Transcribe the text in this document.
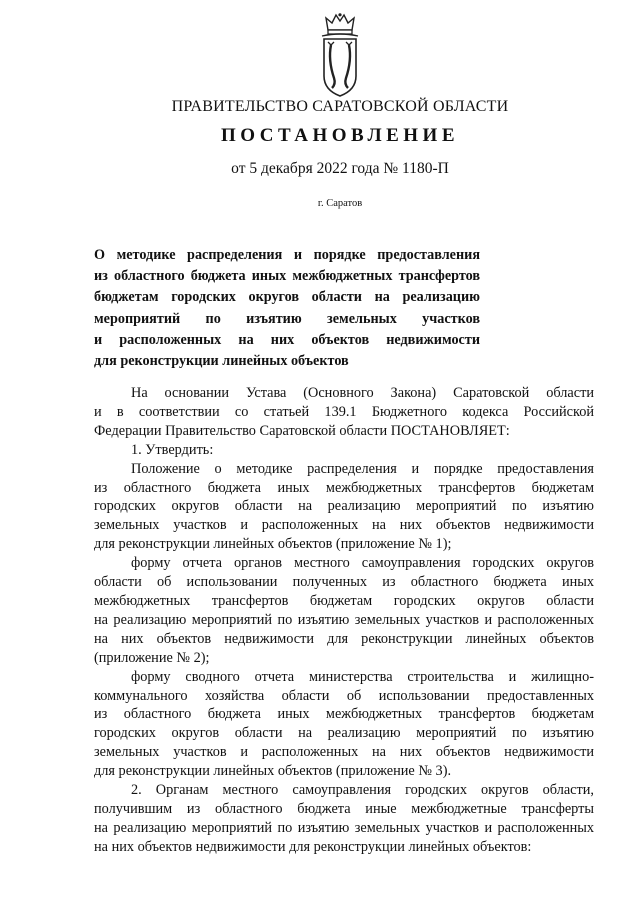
ПРАВИТЕЛЬСТВО САРАТОВСКОЙ ОБЛАСТИ
ПОСТАНОВЛЕНИЕ
от 5 декабря 2022 года № 1180-П
г. Саратов
О методике распределения и порядке предоставления
из областного бюджета иных межбюджетных трансфертов
бюджетам городских округов области на реализацию
мероприятий по изъятию земельных участков
и расположенных на них объектов недвижимости
для реконструкции линейных объектов
На основании Устава (Основного Закона) Саратовской области
и в соответствии со статьей 139.1 Бюджетного кодекса Российской
Федерации Правительство Саратовской области ПОСТАНОВЛЯЕТ:
1. Утвердить:
Положение о методике распределения и порядке предоставления
из областного бюджета иных межбюджетных трансфертов бюджетам
городских округов области на реализацию мероприятий по изъятию
земельных участков и расположенных на них объектов недвижимости
для реконструкции линейных объектов (приложение № 1);
форму отчета органов местного самоуправления городских округов
области об использовании полученных из областного бюджета иных
межбюджетных трансфертов бюджетам городских округов области
на реализацию мероприятий по изъятию земельных участков и расположенных
на них объектов недвижимости для реконструкции линейных объектов
(приложение № 2);
форму сводного отчета министерства строительства и жилищно-
коммунального хозяйства области об использовании предоставленных
из областного бюджета иных межбюджетных трансфертов бюджетам
городских округов области на реализацию мероприятий по изъятию
земельных участков и расположенных на них объектов недвижимости
для реконструкции линейных объектов (приложение № 3).
2. Органам местного самоуправления городских округов области,
получившим из областного бюджета иные межбюджетные трансферты
на реализацию мероприятий по изъятию земельных участков и расположенных
на них объектов недвижимости для реконструкции линейных объектов:
